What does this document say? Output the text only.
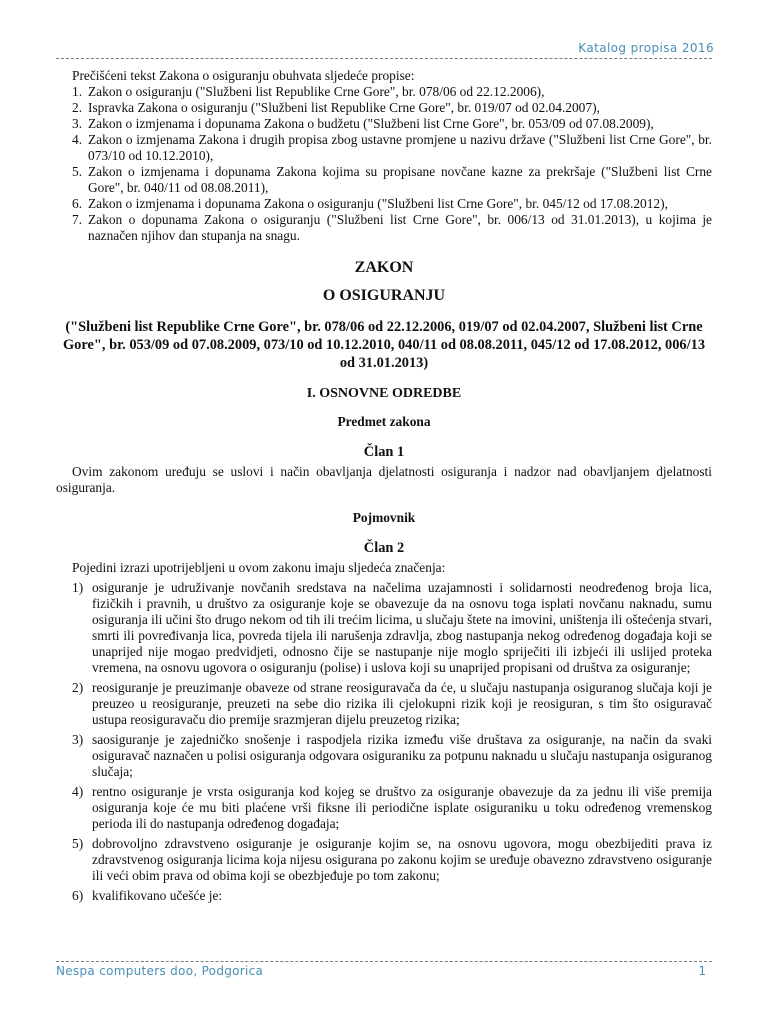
Katalog propisa 2016

Prečišćeni tekst Zakona o osiguranju obuhvata sljedeće propise:

1. Zakon o osiguranju ("Službeni list Republike Crne Gore", br. 078/06 od 22.12.2006),
2. Ispravka Zakona o osiguranju ("Službeni list Republike Crne Gore", br. 019/07 od 02.04.2007),
3. Zakon o izmjenama i dopunama Zakona o budžetu ("Službeni list Crne Gore", br. 053/09 od 07.08.2009),
4. Zakon o izmjenama Zakona i drugih propisa zbog ustavne promjene u nazivu države ("Službeni list Crne Gore", br. 073/10 od 10.12.2010),
5. Zakon o izmjenama i dopunama Zakona kojima su propisane novčane kazne za prekršaje ("Službeni list Crne Gore", br. 040/11 od 08.08.2011),
6. Zakon o izmjenama i dopunama Zakona o osiguranju ("Službeni list Crne Gore", br. 045/12 od 17.08.2012),
7. Zakon o dopunama Zakona o osiguranju ("Službeni list Crne Gore", br. 006/13 od 31.01.2013), u kojima je naznačen njihov dan stupanja na snagu.

ZAKON

O OSIGURANJU

("Službeni list Republike Crne Gore", br. 078/06 od 22.12.2006, 019/07 od 02.04.2007, Službeni list Crne Gore", br. 053/09 od 07.08.2009, 073/10 od 10.12.2010, 040/11 od 08.08.2011, 045/12 od 17.08.2012, 006/13 od 31.01.2013)

I. OSNOVNE ODREDBE

Predmet zakona

Član 1

Ovim zakonom uređuju se uslovi i način obavljanja djelatnosti osiguranja i nadzor nad obavljanjem djelatnosti osiguranja.

Pojmovnik

Član 2

Pojedini izrazi upotrijebljeni u ovom zakonu imaju sljedeća značenja:

1) osiguranje je udruživanje novčanih sredstava na načelima uzajamnosti i solidarnosti neodređenog broja lica, fizičkih i pravnih, u društvo za osiguranje koje se obavezuje da na osnovu toga isplati novčanu naknadu, sumu osiguranja ili učini što drugo nekom od tih ili trećim licima, u slučaju štete na imovini, uništenja ili oštećenja stvari, smrti ili povređivanja lica, povreda tijela ili narušenja zdravlja, zbog nastupanja nekog određenog događaja koji se unaprijed nije mogao predvidjeti, odnosno čije se nastupanje nije moglo spriječiti ili izbjeći ili uslijed proteka vremena, na osnovu ugovora o osiguranju (polise) i uslova koji su unaprijed propisani od društva za osiguranje;
2) reosiguranje je preuzimanje obaveze od strane reosiguravača da će, u slučaju nastupanja osiguranog slučaja koji je preuzeo u reosiguranje, preuzeti na sebe dio rizika ili cjelokupni rizik koji je reosiguran, s tim što osiguravač ustupa reosiguravaču dio premije srazmjeran dijelu preuzetog rizika;
3) saosiguranje je zajedničko snošenje i raspodjela rizika između više društava za osiguranje, na način da svaki osiguravač naznačen u polisi osiguranja odgovara osiguraniku za potpunu naknadu u slučaju nastupanja osiguranog slučaja;
4) rentno osiguranje je vrsta osiguranja kod kojeg se društvo za osiguranje obavezuje da za jednu ili više premija osiguranja koje će mu biti plaćene vrši fiksne ili periodične isplate osiguraniku u toku određenog vremenskog perioda ili do nastupanja određenog događaja;
5) dobrovoljno zdravstveno osiguranje je osiguranje kojim se, na osnovu ugovora, mogu obezbijediti prava iz zdravstvenog osiguranja licima koja nijesu osigurana po zakonu kojim se uređuje obavezno zdravstveno osiguranje ili veći obim prava od obima koji se obezbjeđuje po tom zakonu;
6) kvalifikovano učešće je:
Nespa computers doo, Podgorica	1
